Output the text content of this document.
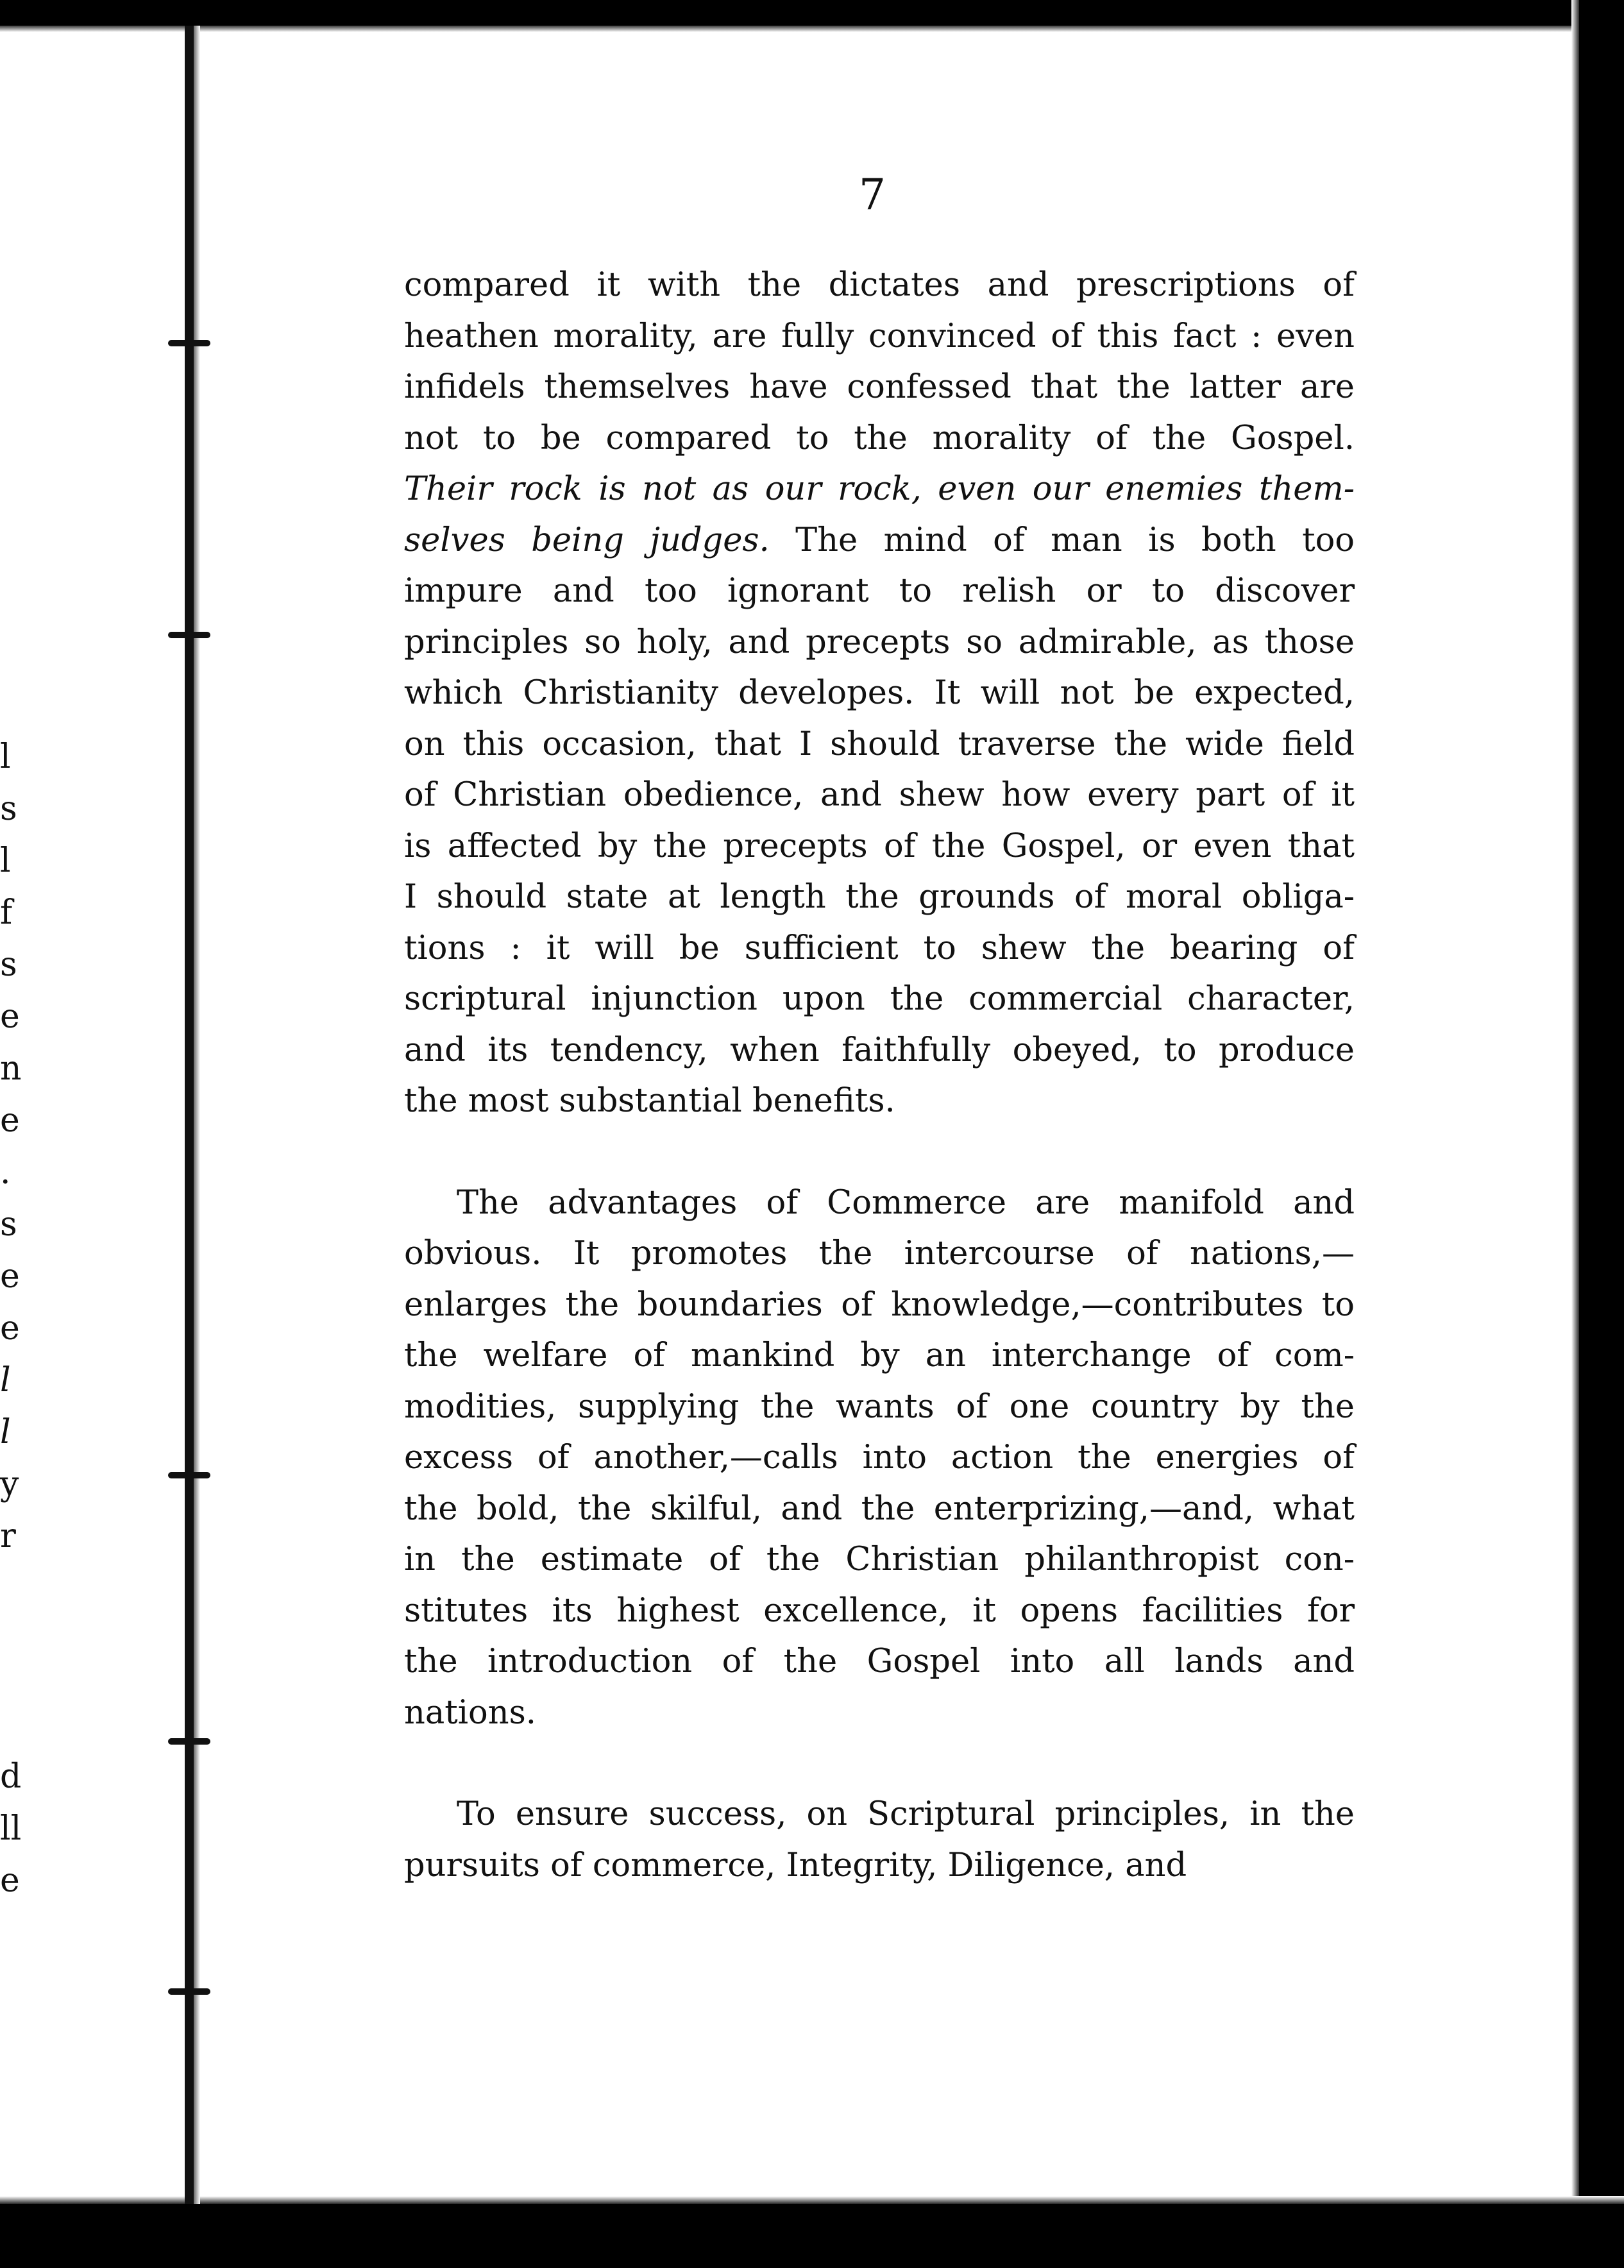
l
s
l
f
s
e
n
e
.
s
e
e
l
l
y
r
d
ll
e
7
compared it with the dictates and prescriptions of
heathen morality, are fully convinced of this fact : even
infidels themselves have confessed that the latter are
not to be compared to the morality of the Gospel.
Their rock is not as our rock, even our enemies them-
selves being judges. The mind of man is both too
impure and too ignorant to relish or to discover
principles so holy, and precepts so admirable, as those
which Christianity developes. It will not be expected,
on this occasion, that I should traverse the wide field
of Christian obedience, and shew how every part of it
is affected by the precepts of the Gospel, or even that
I should state at length the grounds of moral obliga-
tions : it will be sufficient to shew the bearing of
scriptural injunction upon the commercial character,
and its tendency, when faithfully obeyed, to produce
the most substantial benefits.
The advantages of Commerce are manifold and
obvious. It promotes the intercourse of nations,—
enlarges the boundaries of knowledge,—contributes to
the welfare of mankind by an interchange of com-
modities, supplying the wants of one country by the
excess of another,—calls into action the energies of
the bold, the skilful, and the enterprizing,—and, what
in the estimate of the Christian philanthropist con-
stitutes its highest excellence, it opens facilities for
the introduction of the Gospel into all lands and
nations.
To ensure success, on Scriptural principles, in the
pursuits of commerce, Integrity, Diligence, and
